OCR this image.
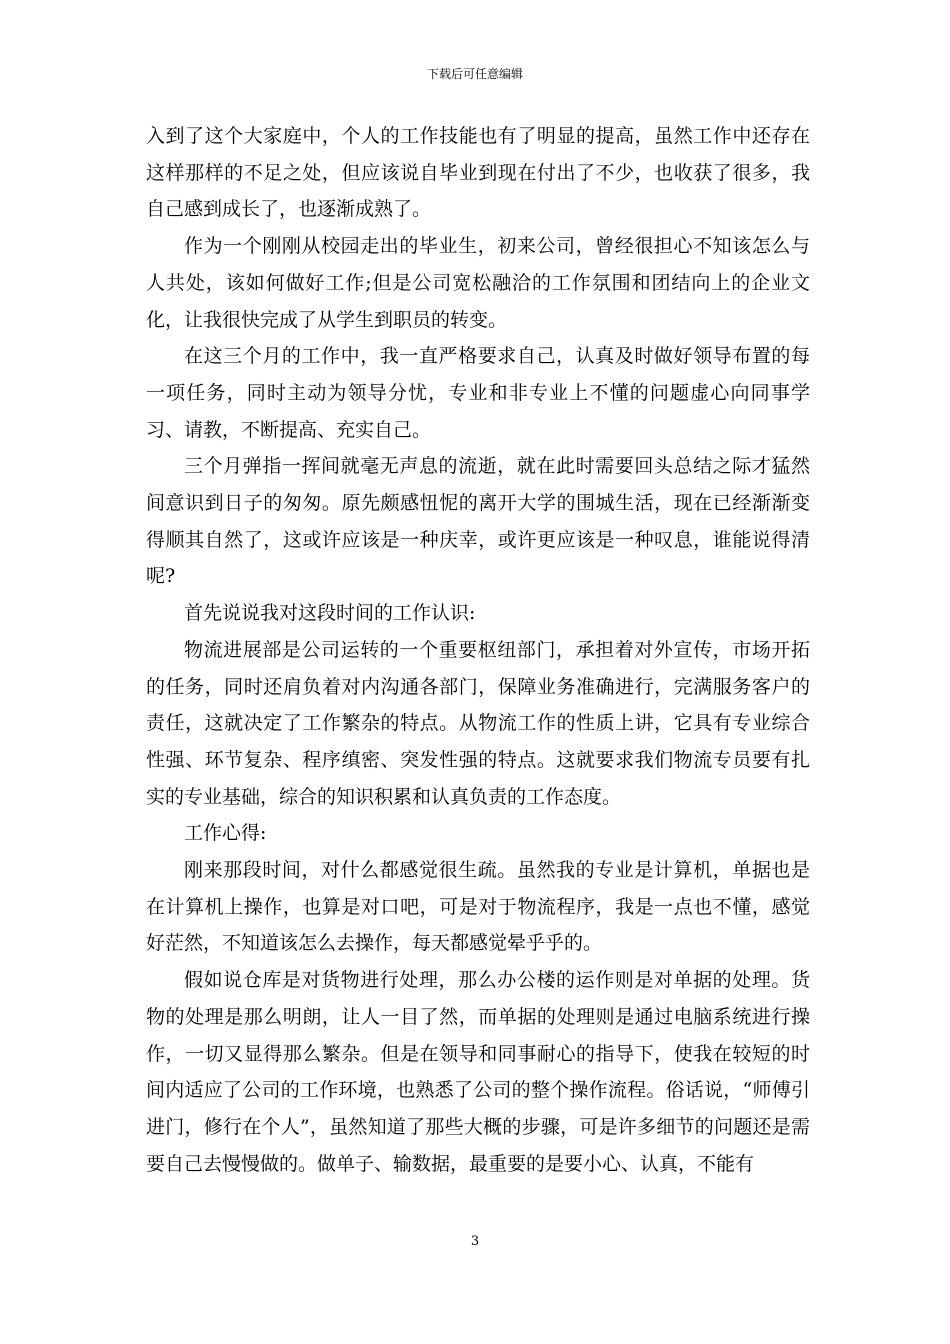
下载后可任意编辑

入到了这个大家庭中，个人的工作技能也有了明显的提高，虽然工作中还存在这样那样的不足之处，但应该说自毕业到现在付出了不少，也收获了很多，我自己感到成长了，也逐渐成熟了。

作为一个刚刚从校园走出的毕业生，初来公司，曾经很担心不知该怎么与人共处，该如何做好工作;但是公司宽松融洽的工作氛围和团结向上的企业文化，让我很快完成了从学生到职员的转变。

在这三个月的工作中，我一直严格要求自己，认真及时做好领导布置的每一项任务，同时主动为领导分忧，专业和非专业上不懂的问题虚心向同事学习、请教，不断提高、充实自己。

三个月弹指一挥间就毫无声息的流逝，就在此时需要回头总结之际才猛然间意识到日子的匆匆。原先颇感忸怩的离开大学的围城生活，现在已经渐渐变得顺其自然了，这或许应该是一种庆幸，或许更应该是一种叹息，谁能说得清呢?

首先说说我对这段时间的工作认识:

物流进展部是公司运转的一个重要枢纽部门，承担着对外宣传，市场开拓的任务，同时还肩负着对内沟通各部门，保障业务准确进行，完满服务客户的责任，这就决定了工作繁杂的特点。从物流工作的性质上讲，它具有专业综合性强、环节复杂、程序缜密、突发性强的特点。这就要求我们物流专员要有扎实的专业基础，综合的知识积累和认真负责的工作态度。

工作心得:

刚来那段时间，对什么都感觉很生疏。虽然我的专业是计算机，单据也是在计算机上操作，也算是对口吧，可是对于物流程序，我是一点也不懂，感觉好茫然，不知道该怎么去操作，每天都感觉晕乎乎的。

假如说仓库是对货物进行处理，那么办公楼的运作则是对单据的处理。货物的处理是那么明朗，让人一目了然，而单据的处理则是通过电脑系统进行操作，一切又显得那么繁杂。但是在领导和同事耐心的指导下，使我在较短的时间内适应了公司的工作环境，也熟悉了公司的整个操作流程。俗话说，“师傅引进门，修行在个人”，虽然知道了那些大概的步骤，可是许多细节的问题还是需要自己去慢慢做的。做单子、输数据，最重要的是要小心、认真，不能有

3
